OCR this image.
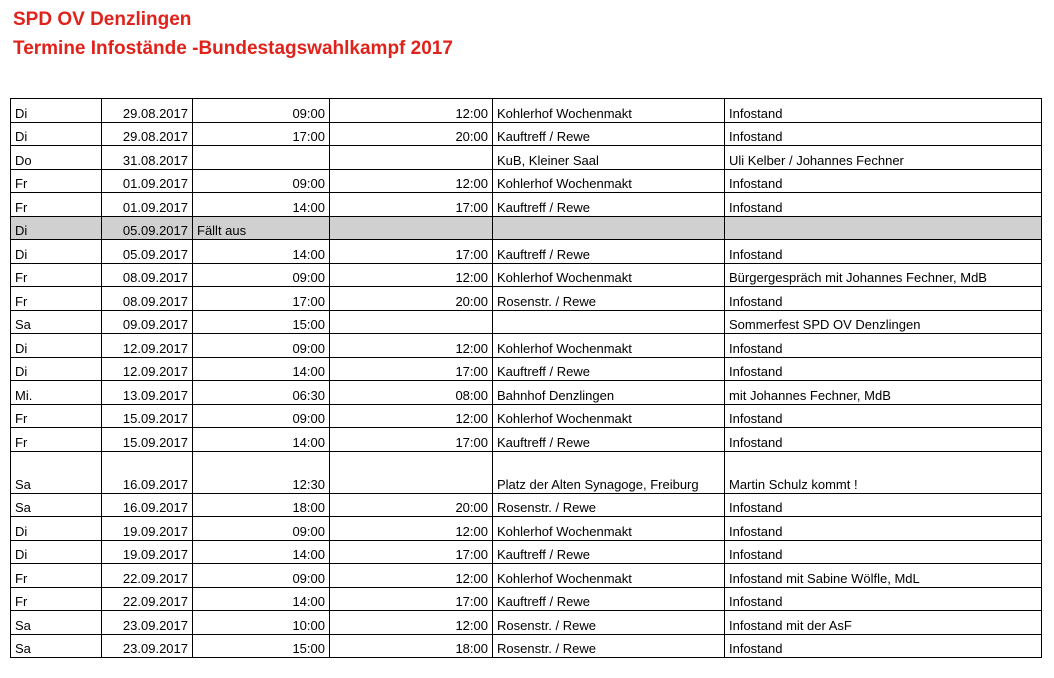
SPD OV Denzlingen
Termine Infostände -Bundestagswahlkampf 2017
Di	29.08.2017	09:00	12:00	Kohlerhof Wochenmakt	Infostand
Di	29.08.2017	17:00	20:00	Kauftreff / Rewe	Infostand
Do	31.08.2017			KuB, Kleiner Saal	Uli Kelber / Johannes Fechner
Fr	01.09.2017	09:00	12:00	Kohlerhof Wochenmakt	Infostand
Fr	01.09.2017	14:00	17:00	Kauftreff / Rewe	Infostand
Di	05.09.2017	Fällt aus			
Di	05.09.2017	14:00	17:00	Kauftreff / Rewe	Infostand
Fr	08.09.2017	09:00	12:00	Kohlerhof Wochenmakt	Bürgergespräch mit Johannes Fechner, MdB
Fr	08.09.2017	17:00	20:00	Rosenstr. / Rewe	Infostand
Sa	09.09.2017	15:00			Sommerfest SPD OV Denzlingen
Di	12.09.2017	09:00	12:00	Kohlerhof Wochenmakt	Infostand
Di	12.09.2017	14:00	17:00	Kauftreff / Rewe	Infostand
Mi.	13.09.2017	06:30	08:00	Bahnhof Denzlingen	mit Johannes Fechner, MdB
Fr	15.09.2017	09:00	12:00	Kohlerhof Wochenmakt	Infostand
Fr	15.09.2017	14:00	17:00	Kauftreff / Rewe	Infostand
Sa	16.09.2017	12:30		Platz der Alten Synagoge, Freiburg	Martin Schulz kommt !
Sa	16.09.2017	18:00	20:00	Rosenstr. / Rewe	Infostand
Di	19.09.2017	09:00	12:00	Kohlerhof Wochenmakt	Infostand
Di	19.09.2017	14:00	17:00	Kauftreff / Rewe	Infostand
Fr	22.09.2017	09:00	12:00	Kohlerhof Wochenmakt	Infostand mit Sabine Wölfle, MdL
Fr	22.09.2017	14:00	17:00	Kauftreff / Rewe	Infostand
Sa	23.09.2017	10:00	12:00	Rosenstr. / Rewe	Infostand mit der AsF
Sa	23.09.2017	15:00	18:00	Rosenstr. / Rewe	Infostand
